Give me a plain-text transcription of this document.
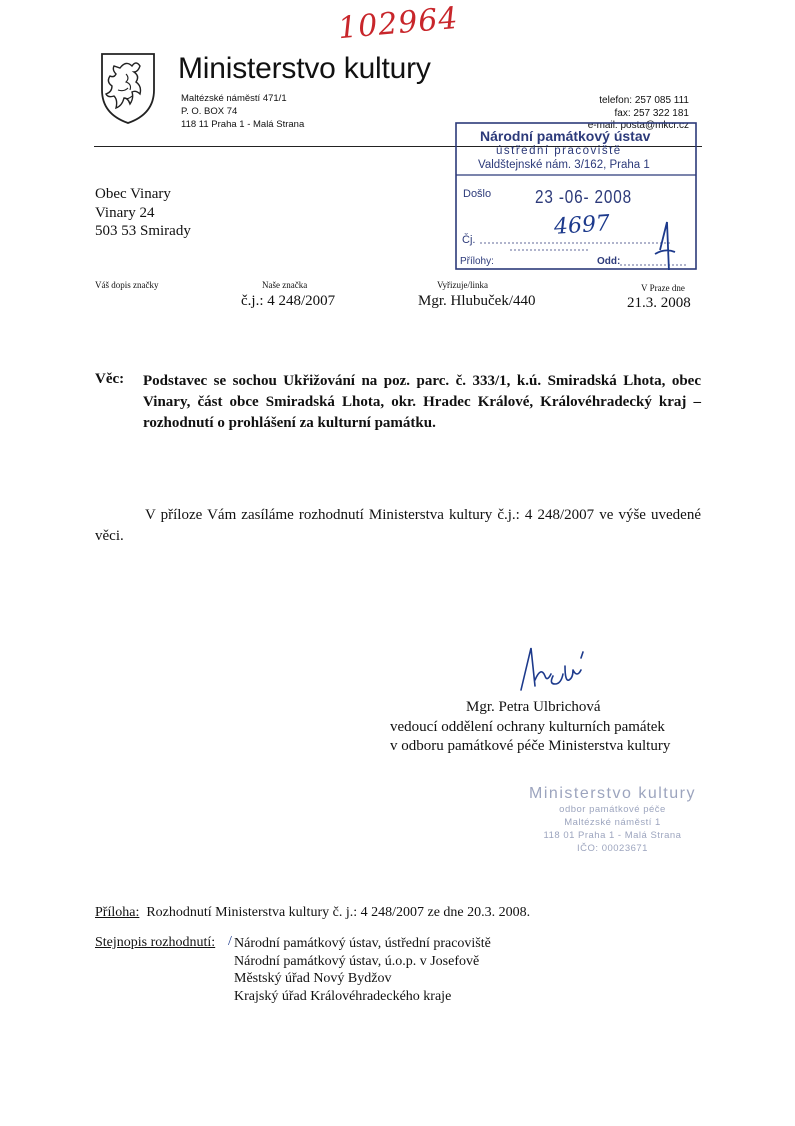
102964
Ministerstvo kultury
Maltézské náměstí 471/1
P. O. BOX 74
118 11 Praha 1 - Malá Strana
telefon: 257 085 111
fax: 257 322 181
e-mail: posta@mkcr.cz
Národní památkový ústav
ústřední pracoviště
Valdštejnské nám. 3/162, Praha 1
Došlo 23 -06- 2008
Čj.
4697
Přílohy:	Odd:
Obec Vinary
Vinary 24
503 53 Smirady
Váš dopis značky	Naše značka
č.j.: 4 248/2007
Vyřizuje/linka
Mgr. Hlubuček/440
V Praze dne
21.3. 2008
Věc: Podstavec se sochou Ukřižování na poz. parc. č. 333/1, k.ú. Smiradská Lhota, obec Vinary, část obce Smiradská Lhota, okr. Hradec Králové, Královéhradecký kraj – rozhodnutí o prohlášení za kulturní památku.
V příloze Vám zasíláme rozhodnutí Ministerstva kultury č.j.: 4 248/2007 ve výše uvedené věci.
Mgr. Petra Ulbrichová
vedoucí oddělení ochrany kulturních památek
v odboru památkové péče Ministerstva kultury
Ministerstvo kultury
odbor památkové péče
Maltézské náměstí 1
118 01 Praha 1 - Malá Strana
IČO: 00023671
Příloha: Rozhodnutí Ministerstva kultury č. j.: 4 248/2007 ze dne 20.3. 2008.
Stejnopis rozhodnutí: / Národní památkový ústav, ústřední pracoviště
Národní památkový ústav, ú.o.p. v Josefově
Městský úřad Nový Bydžov
Krajský úřad Královéhradeckého kraje
